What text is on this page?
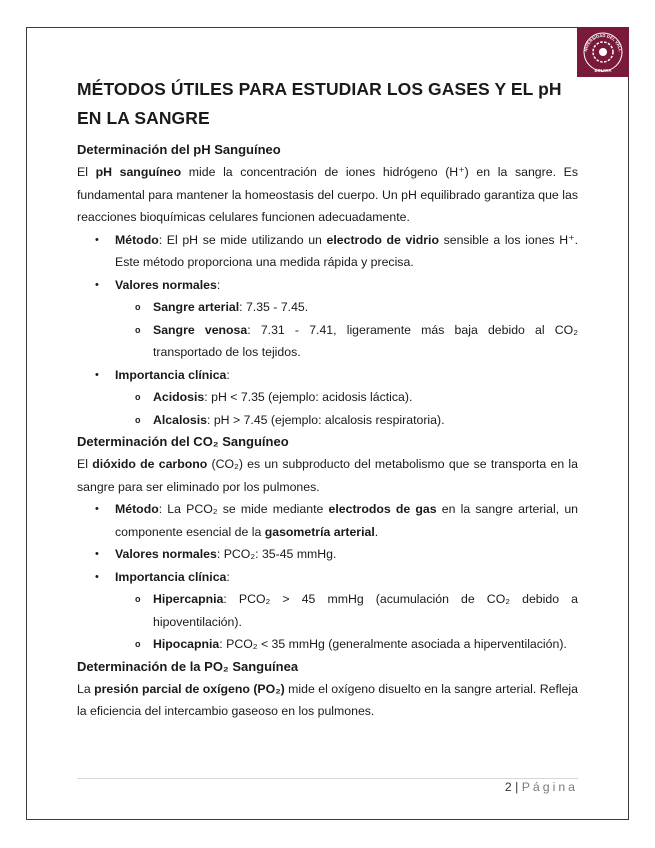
NIVERSIDAD DEL VALL
BOLIVIA
MÉTODOS ÚTILES PARA ESTUDIAR LOS GASES Y EL pH EN LA SANGRE
Determinación del pH Sanguíneo

El pH sanguíneo mide la concentración de iones hidrógeno (H⁺) en la sangre. Es fundamental para mantener la homeostasis del cuerpo. Un pH equilibrado garantiza que las reacciones bioquímicas celulares funcionen adecuadamente.

• Método: El pH se mide utilizando un electrodo de vidrio sensible a los iones H⁺. Este método proporciona una medida rápida y precisa.
• Valores normales:
o Sangre arterial: 7.35 - 7.45.
o Sangre venosa: 7.31 - 7.41, ligeramente más baja debido al CO₂ transportado de los tejidos.
• Importancia clínica:
o Acidosis: pH < 7.35 (ejemplo: acidosis láctica).
o Alcalosis: pH > 7.45 (ejemplo: alcalosis respiratoria).
Determinación del CO₂ Sanguíneo

El dióxido de carbono (CO₂) es un subproducto del metabolismo que se transporta en la sangre para ser eliminado por los pulmones.

• Método: La PCO₂ se mide mediante electrodos de gas en la sangre arterial, un componente esencial de la gasometría arterial.
• Valores normales: PCO₂: 35-45 mmHg.
• Importancia clínica:
o Hipercapnia: PCO₂ > 45 mmHg (acumulación de CO₂ debido a hipoventilación).
o Hipocapnia: PCO₂ < 35 mmHg (generalmente asociada a hiperventilación).
Determinación de la PO₂ Sanguínea

La presión parcial de oxígeno (PO₂) mide el oxígeno disuelto en la sangre arterial. Refleja la eficiencia del intercambio gaseoso en los pulmones.

2 | Página
